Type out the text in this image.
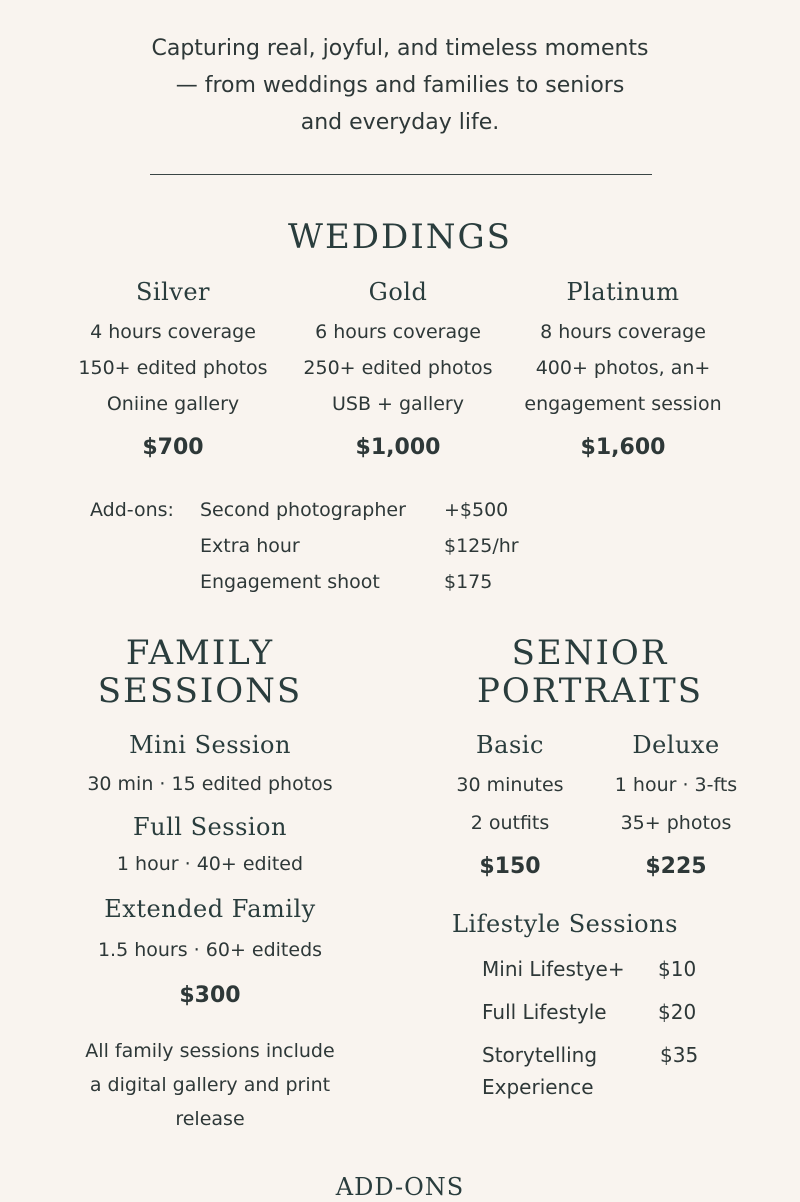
Capturing real, joyful, and timeless moments
— from weddings and families to seniors
and everyday life.
WEDDINGS
Silver
4 hours coverage
150+ edited photos
Oniine gallery
$700
Gold
6 hours coverage
250+ edited photos
USB + gallery
$1,000
Platinum
8 hours coverage
400+ photos, an+
engagement session
$1,600
Add-ons: Second photographer
Extra hour
Engagement shoot
+$500
$125/hr
$175
FAMILY
SESSIONS
Mini Session
30 min · 15 edited photos
Full Session
1 hour · 40+ edited
Extended Family
1.5 hours · 60+ editeds
$300
All family sessions include
a digital gallery and print
release
SENIOR
PORTRAITS
Basic
30 minutes
2 outfits
$150
Deluxe
1 hour · 3-fts
35+ photos
$225
Lifestyle Sessions
Mini Lifestye+ $10
Full Lifestyle	$20
Storytelling
Experience
$35
ADD-ONS
